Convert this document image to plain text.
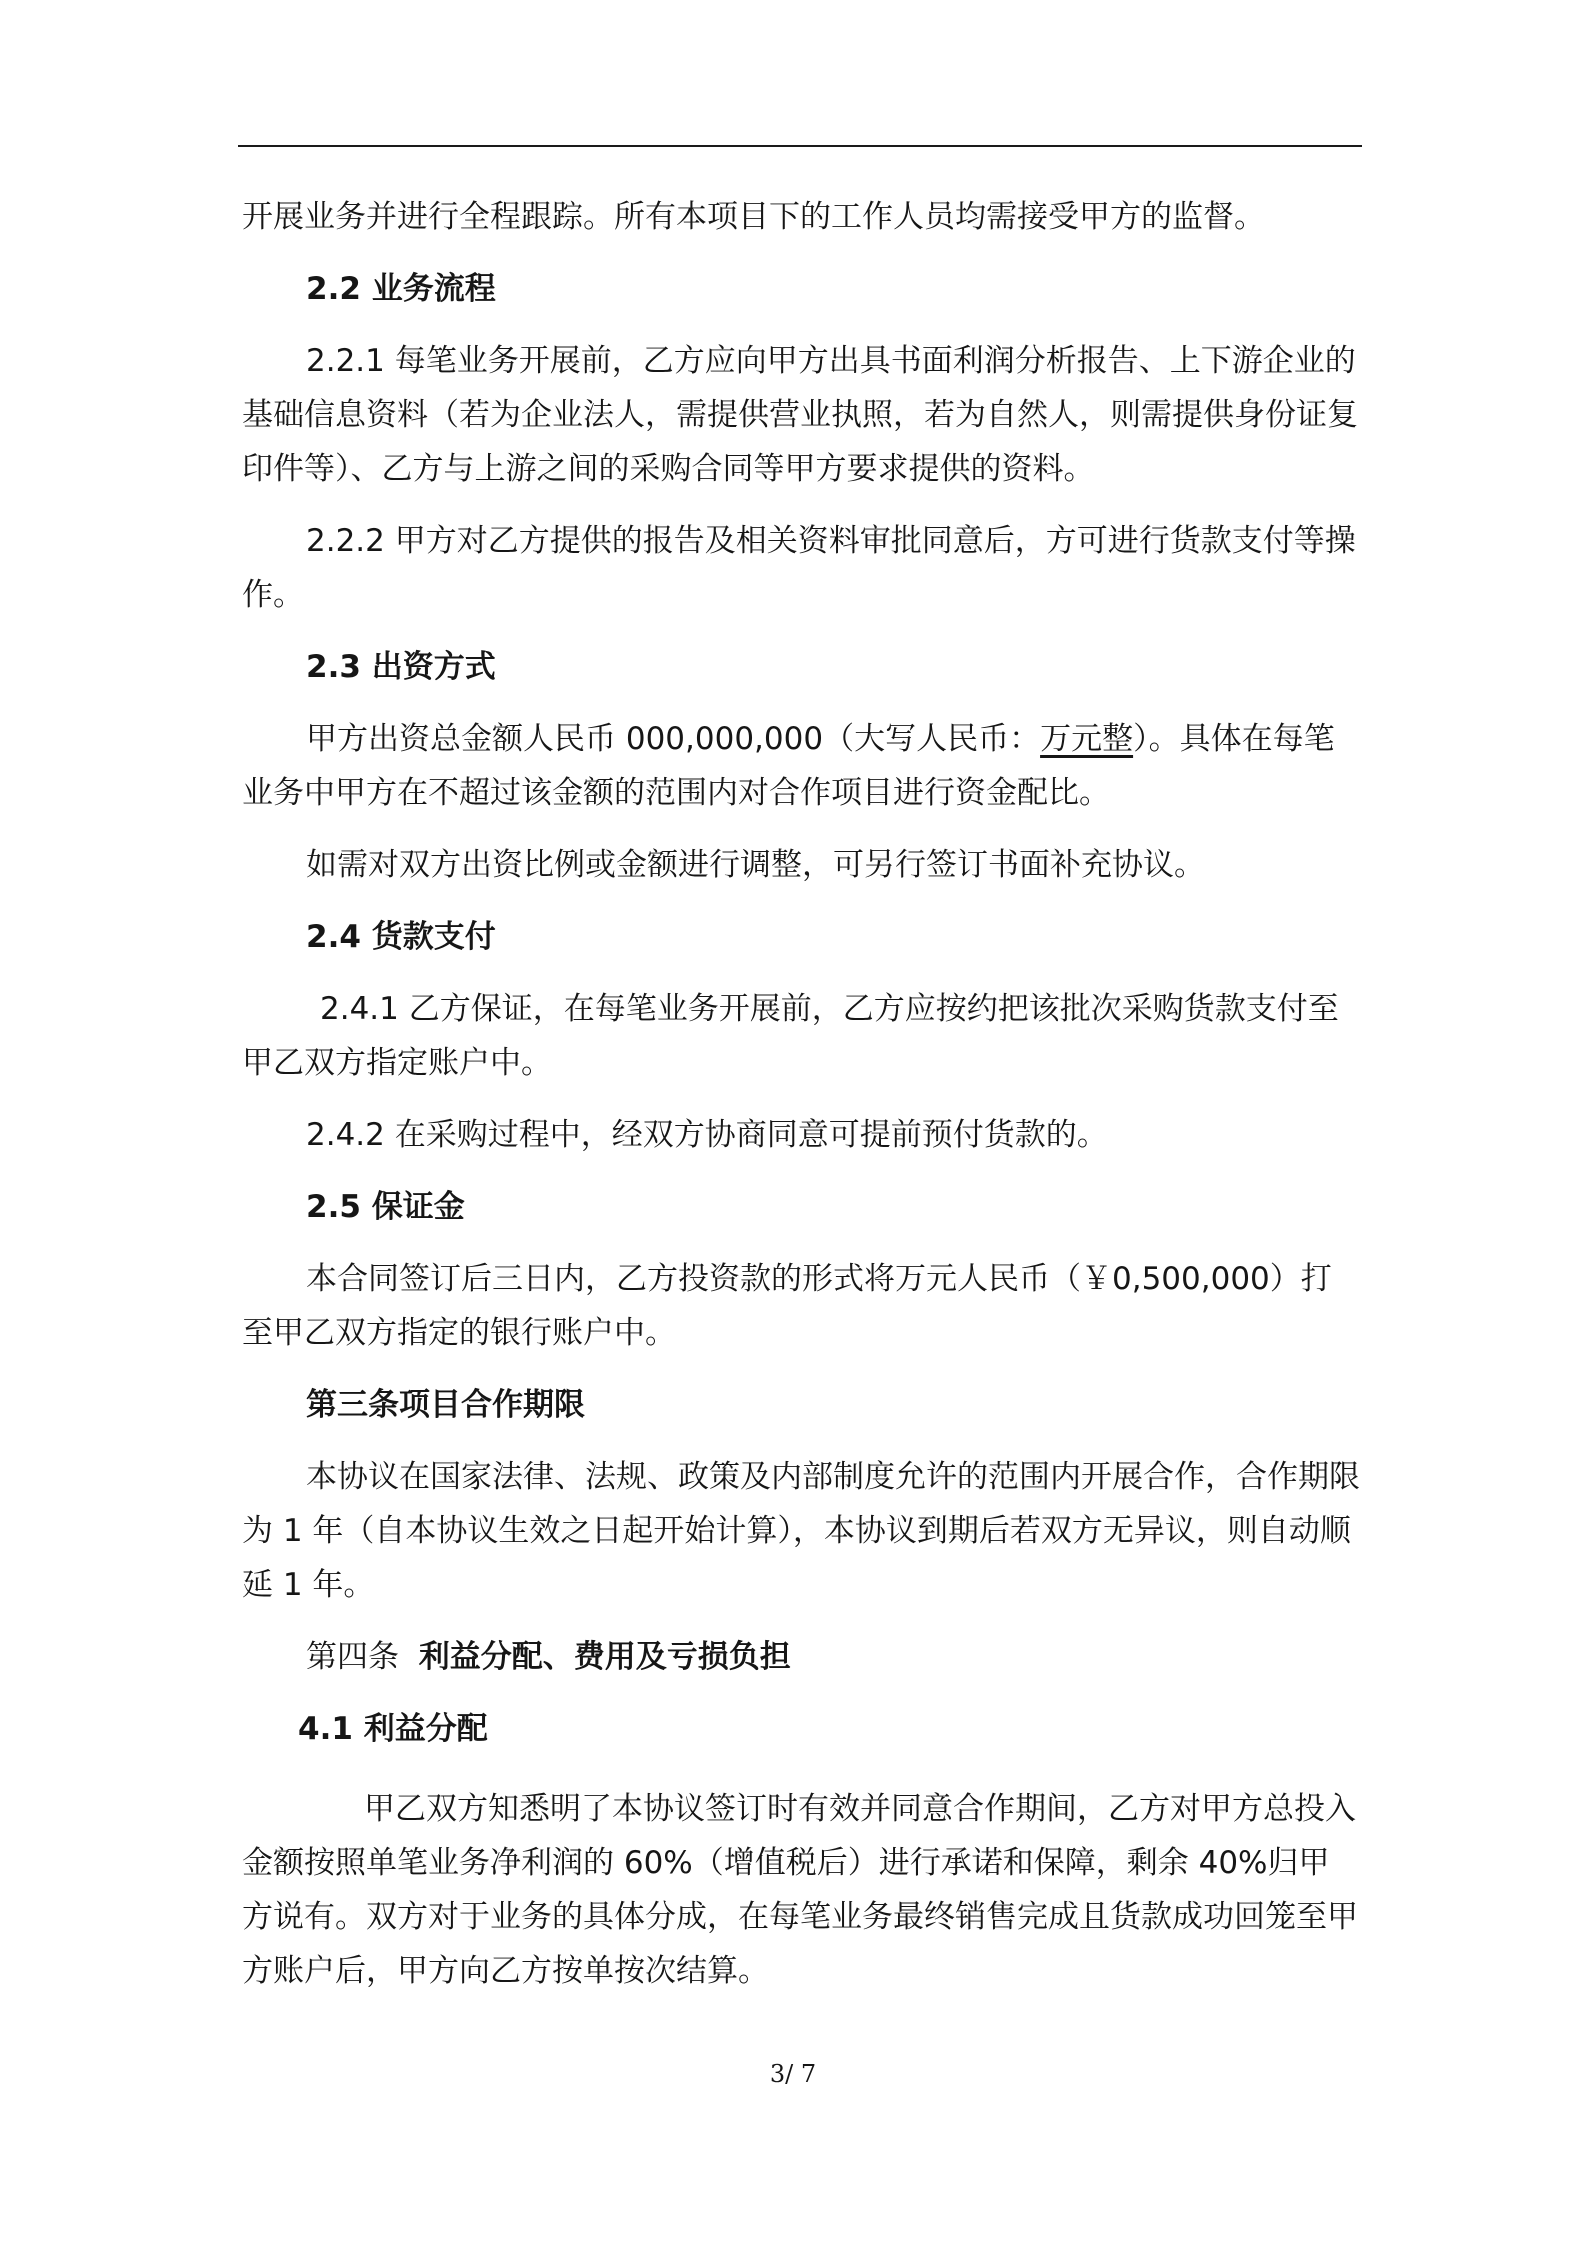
开展业务并进行全程跟踪。所有本项目下的工作人员均需接受甲方的监督。

2.2 业务流程

2.2.1 每笔业务开展前，乙方应向甲方出具书面利润分析报告、上下游企业的基础信息资料（若为企业法人，需提供营业执照，若为自然人，则需提供身份证复印件等）、乙方与上游之间的采购合同等甲方要求提供的资料。

2.2.2 甲方对乙方提供的报告及相关资料审批同意后，方可进行货款支付等操作。

2.3 出资方式

甲方出资总金额人民币 000,000,000（大写人民币：万元整）。具体在每笔业务中甲方在不超过该金额的范围内对合作项目进行资金配比。

如需对双方出资比例或金额进行调整，可另行签订书面补充协议。

2.4 货款支付

2.4.1 乙方保证，在每笔业务开展前，乙方应按约把该批次采购货款支付至甲乙双方指定账户中。

2.4.2 在采购过程中，经双方协商同意可提前预付货款的。

2.5 保证金

本合同签订后三日内，乙方投资款的形式将万元人民币（￥0,500,000）打至甲乙双方指定的银行账户中。

第三条项目合作期限

本协议在国家法律、法规、政策及内部制度允许的范围内开展合作，合作期限为 1 年（自本协议生效之日起开始计算），本协议到期后若双方无异议，则自动顺延 1 年。

第四条 利益分配、费用及亏损负担

4.1 利益分配

甲乙双方知悉明了本协议签订时有效并同意合作期间，乙方对甲方总投入金额按照单笔业务净利润的 60%（增值税后）进行承诺和保障，剩余 40%归甲方说有。双方对于业务的具体分成，在每笔业务最终销售完成且货款成功回笼至甲方账户后，甲方向乙方按单按次结算。

3/ 7
